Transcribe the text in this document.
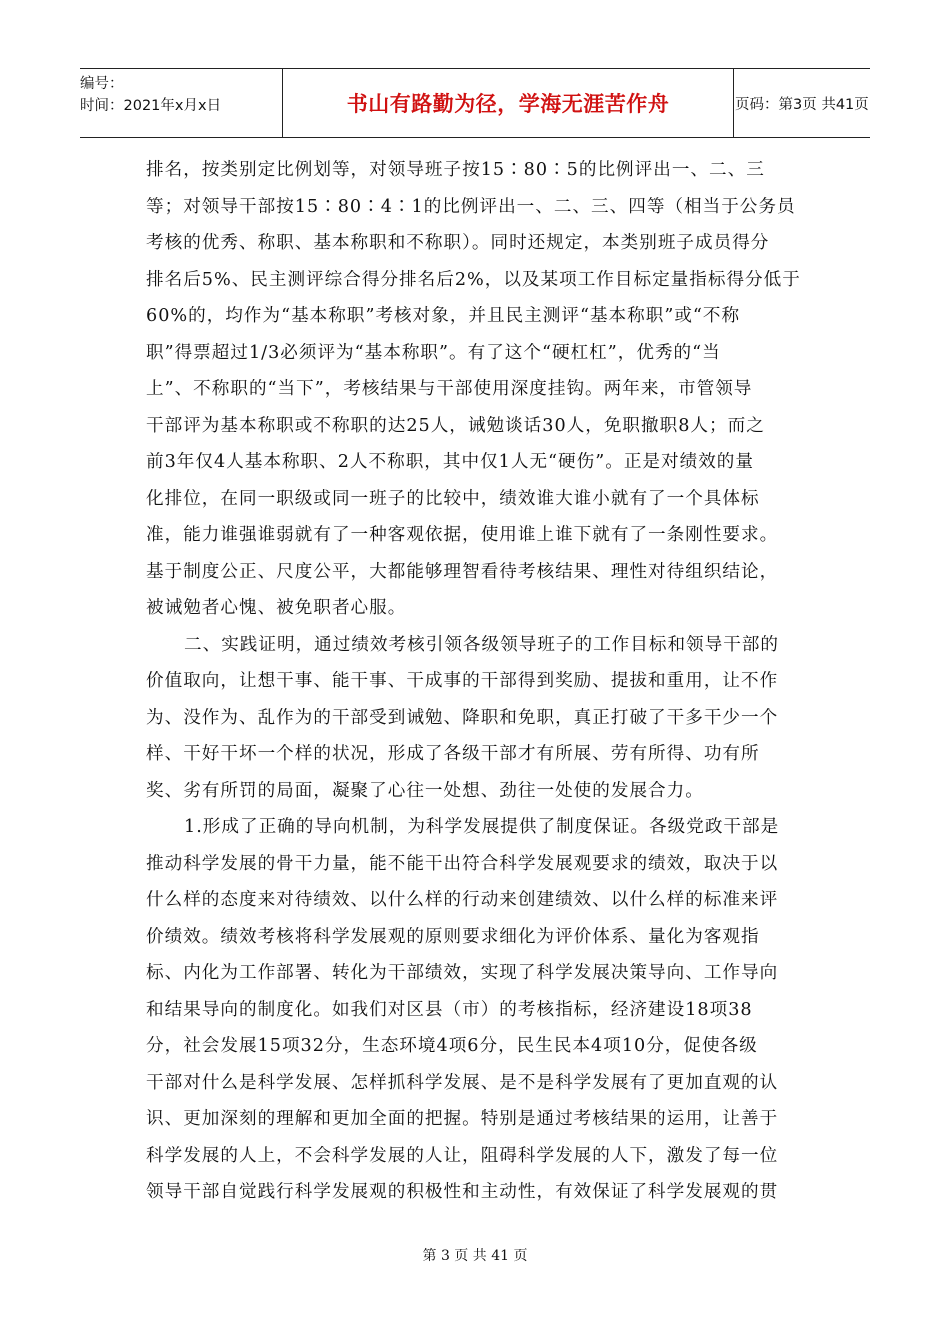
编号：
时间：2021年x月x日	书山有路勤为径，学海无涯苦作舟	页码：第3页 共41页
排名，按类别定比例划等，对领导班子按15∶80∶5的比例评出一、二、三
等；对领导干部按15∶80∶4∶1的比例评出一、二、三、四等（相当于公务员
考核的优秀、称职、基本称职和不称职）。同时还规定，本类别班子成员得分
排名后5%、民主测评综合得分排名后2%，以及某项工作目标定量指标得分低于
60%的，均作为“基本称职”考核对象，并且民主测评“基本称职”或“不称
职”得票超过1/3必须评为“基本称职”。有了这个“硬杠杠”，优秀的“当
上”、不称职的“当下”，考核结果与干部使用深度挂钩。两年来，市管领导
干部评为基本称职或不称职的达25人，诫勉谈话30人，免职撤职8人；而之
前3年仅4人基本称职、2人不称职，其中仅1人无“硬伤”。正是对绩效的量
化排位，在同一职级或同一班子的比较中，绩效谁大谁小就有了一个具体标
准，能力谁强谁弱就有了一种客观依据，使用谁上谁下就有了一条刚性要求。
基于制度公正、尺度公平，大都能够理智看待考核结果、理性对待组织结论，
被诫勉者心愧、被免职者心服。
二、实践证明，通过绩效考核引领各级领导班子的工作目标和领导干部的
价值取向，让想干事、能干事、干成事的干部得到奖励、提拔和重用，让不作
为、没作为、乱作为的干部受到诫勉、降职和免职，真正打破了干多干少一个
样、干好干坏一个样的状况，形成了各级干部才有所展、劳有所得、功有所
奖、劣有所罚的局面，凝聚了心往一处想、劲往一处使的发展合力。
1.形成了正确的导向机制，为科学发展提供了制度保证。各级党政干部是
推动科学发展的骨干力量，能不能干出符合科学发展观要求的绩效，取决于以
什么样的态度来对待绩效、以什么样的行动来创建绩效、以什么样的标准来评
价绩效。绩效考核将科学发展观的原则要求细化为评价体系、量化为客观指
标、内化为工作部署、转化为干部绩效，实现了科学发展决策导向、工作导向
和结果导向的制度化。如我们对区县（市）的考核指标，经济建设18项38
分，社会发展15项32分，生态环境4项6分，民生民本4项10分，促使各级
干部对什么是科学发展、怎样抓科学发展、是不是科学发展有了更加直观的认
识、更加深刻的理解和更加全面的把握。特别是通过考核结果的运用，让善于
科学发展的人上，不会科学发展的人让，阻碍科学发展的人下，激发了每一位
领导干部自觉践行科学发展观的积极性和主动性，有效保证了科学发展观的贯
第 3 页 共 41 页
